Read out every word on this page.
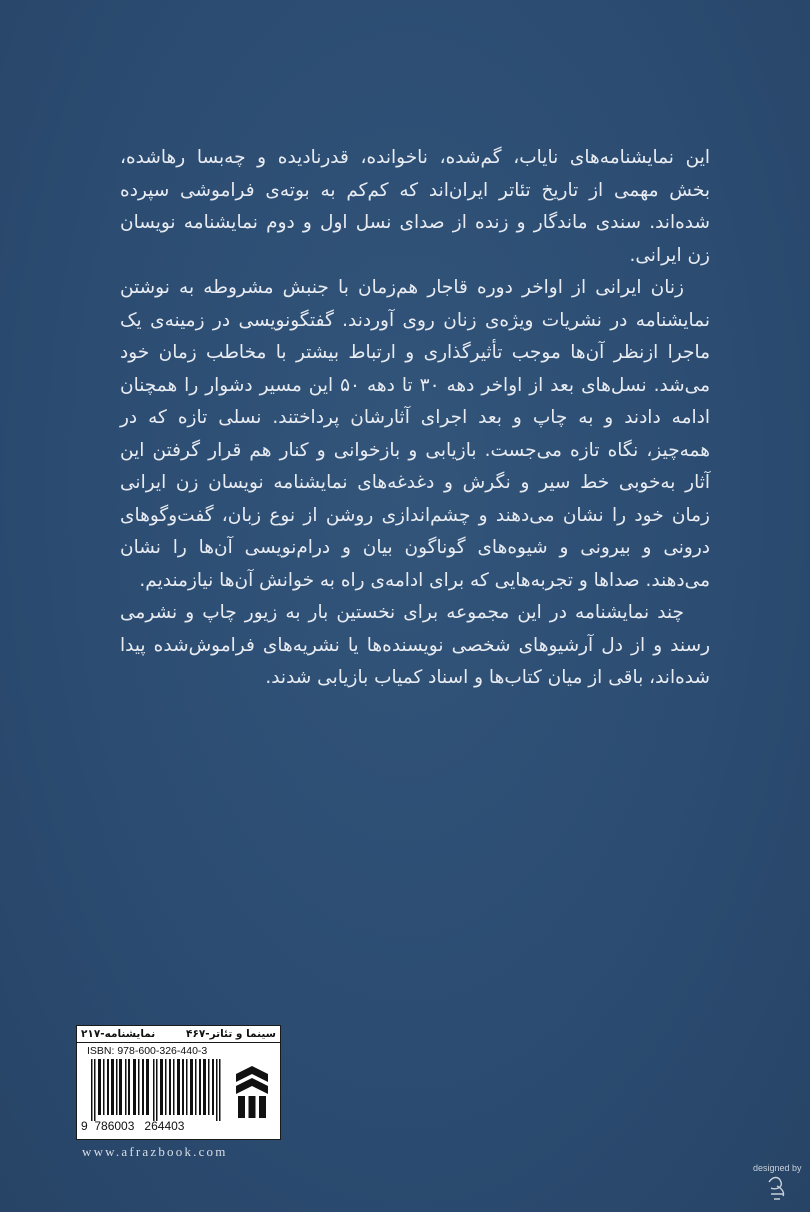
این نمایشنامه‌های نایاب، گم‌شده، ناخوانده، قدرنادیده و چه‌بسا رهاشده، بخش مهمی از تاریخ تئاتر ایران‌اند که کم‌کم به بوته‌ی فراموشی سپرده شده‌اند. سندی ماندگار و زنده از صدای نسل اول و دوم نمایشنامه نویسان زن ایرانی.

زنان ایرانی از اواخر دوره قاجار هم‌زمان با جنبش مشروطه به نوشتن نمایشنامه در نشریات ویژه‌ی زنان روی آوردند. گفتگونویسی در زمینه‌ی یک ماجرا ازنظر آن‌ها موجب تأثیرگذاری و ارتباط بیشتر با مخاطب زمان خود می‌شد. نسل‌های بعد از اواخر دهه ۳۰ تا دهه ۵۰ این مسیر دشوار را همچنان ادامه دادند و به چاپ و بعد اجرای آثارشان پرداختند. نسلی تازه که در همه‌چیز، نگاه تازه می‌جست. بازیابی و بازخوانی و کنار هم قرار گرفتن این آثار به‌خوبی خط سیر و نگرش و دغدغه‌های نمایشنامه نویسان زن ایرانی زمان خود را نشان می‌دهند و چشم‌اندازی روشن از نوع زبان، گفت‌وگوهای درونی و بیرونی و شیوه‌های گوناگون بیان و درام‌نویسی آن‌ها را نشان می‌دهند. صداها و تجربه‌هایی که برای ادامه‌ی راه به خوانش آن‌ها نیازمندیم.

چند نمایشنامه در این مجموعه برای نخستین بار به زیور چاپ و نشرمی رسند و از دل آرشیوهای شخصی نویسنده‌ها یا نشریه‌های فراموش‌شده پیدا شده‌اند، باقی از میان کتاب‌ها و اسناد کمیاب بازیابی شدند.

سینما و تئاتر-۴۶۷
نمایشنامه-۲۱۷
ISBN: 978-600-326-440-3
9 786003 264403
www.afrazbook.com
designed by
